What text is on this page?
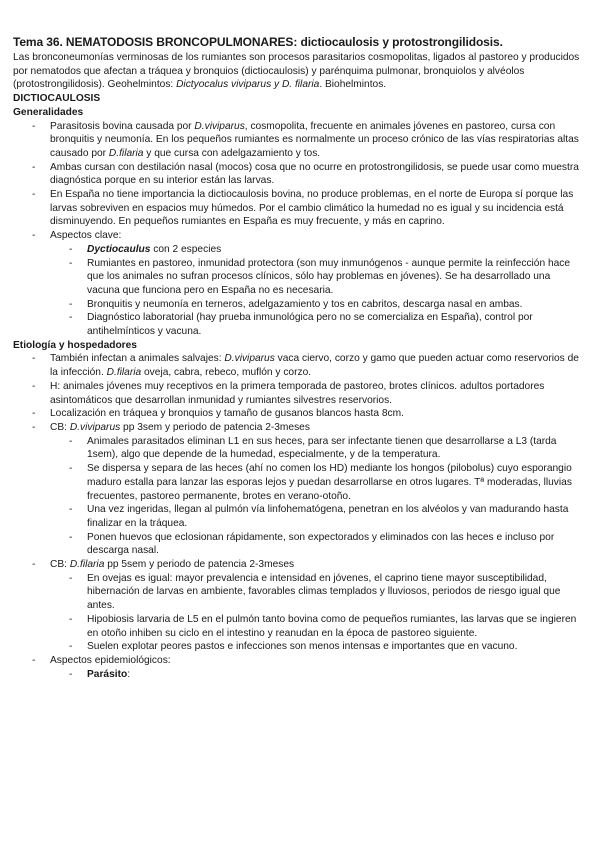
Tema 36. NEMATODOSIS BRONCOPULMONARES: dictiocaulosis y protostrongilidosis.

Las bronconeumonías verminosas de los rumiantes son procesos parasitarios cosmopolitas, ligados al pastoreo y producidos por nematodos que afectan a tráquea y bronquios (dictiocaulosis) y parénquima pulmonar, bronquiolos y alvéolos (protostrongilidosis). Geohelmintos: Dictyocalus viviparus y D. filaria. Biohelmintos.

DICTIOCAULOSIS

Generalidades

- Parasitosis bovina causada por D.viviparus, cosmopolita, frecuente en animales jóvenes en pastoreo, cursa con bronquitis y neumonía. En los pequeños rumiantes es normalmente un proceso crónico de las vías respiratorias altas causado por D.filaria y que cursa con adelgazamiento y tos.
- Ambas cursan con destilación nasal (mocos) cosa que no ocurre en protostrongilidosis, se puede usar como muestra diagnóstica porque en su interior están las larvas.
- En España no tiene importancia la dictiocaulosis bovina, no produce problemas, en el norte de Europa sí porque las larvas sobreviven en espacios muy húmedos. Por el cambio climático la humedad no es igual y su incidencia está disminuyendo. En pequeños rumiantes en España es muy frecuente, y más en caprino.
- Aspectos clave:
- Dyctiocaulus con 2 especies
- Rumiantes en pastoreo, inmunidad protectora (son muy inmunógenos - aunque permite la reinfección hace que los animales no sufran procesos clínicos, sólo hay problemas en jóvenes). Se ha desarrollado una vacuna que funciona pero en España no es necesaria.
- Bronquitis y neumonía en terneros, adelgazamiento y tos en cabritos, descarga nasal en ambas.
- Diagnóstico laboratorial (hay prueba inmunológica pero no se comercializa en España), control por antihelmínticos y vacuna.

Etiología y hospedadores

- También infectan a animales salvajes: D.viviparus vaca ciervo, corzo y gamo que pueden actuar como reservorios de la infección. D.filaria oveja, cabra, rebeco, muflón y corzo.
- H: animales jóvenes muy receptivos en la primera temporada de pastoreo, brotes clínicos. adultos portadores asintomáticos que desarrollan inmunidad y rumiantes silvestres reservorios.
- Localización en tráquea y bronquios y tamaño de gusanos blancos hasta 8cm.
- CB: D.viviparus pp 3sem y periodo de patencia 2-3meses
- Animales parasitados eliminan L1 en sus heces, para ser infectante tienen que desarrollarse a L3 (tarda 1sem), algo que depende de la humedad, especialmente, y de la temperatura.
- Se dispersa y separa de las heces (ahí no comen los HD) mediante los hongos (pilobolus) cuyo esporangio maduro estalla para lanzar las esporas lejos y puedan desarrollarse en otros lugares. Tª moderadas, lluvias frecuentes, pastoreo permanente, brotes en verano-otoño.
- Una vez ingeridas, llegan al pulmón vía linfohematógena, penetran en los alvéolos y van madurando hasta finalizar en la tráquea.
- Ponen huevos que eclosionan rápidamente, son expectorados y eliminados con las heces e incluso por descarga nasal.
- CB: D.filaria pp 5sem y periodo de patencia 2-3meses
- En ovejas es igual: mayor prevalencia e intensidad en jóvenes, el caprino tiene mayor susceptibilidad, hibernación de larvas en ambiente, favorables climas templados y lluviosos, periodos de riesgo igual que antes.
- Hipobiosis larvaria de L5 en el pulmón tanto bovina como de pequeños rumiantes, las larvas que se ingieren en otoño inhiben su ciclo en el intestino y reanudan en la época de pastoreo siguiente.
- Suelen explotar peores pastos e infecciones son menos intensas e importantes que en vacuno.
- Aspectos epidemiológicos:
- Parásito:
